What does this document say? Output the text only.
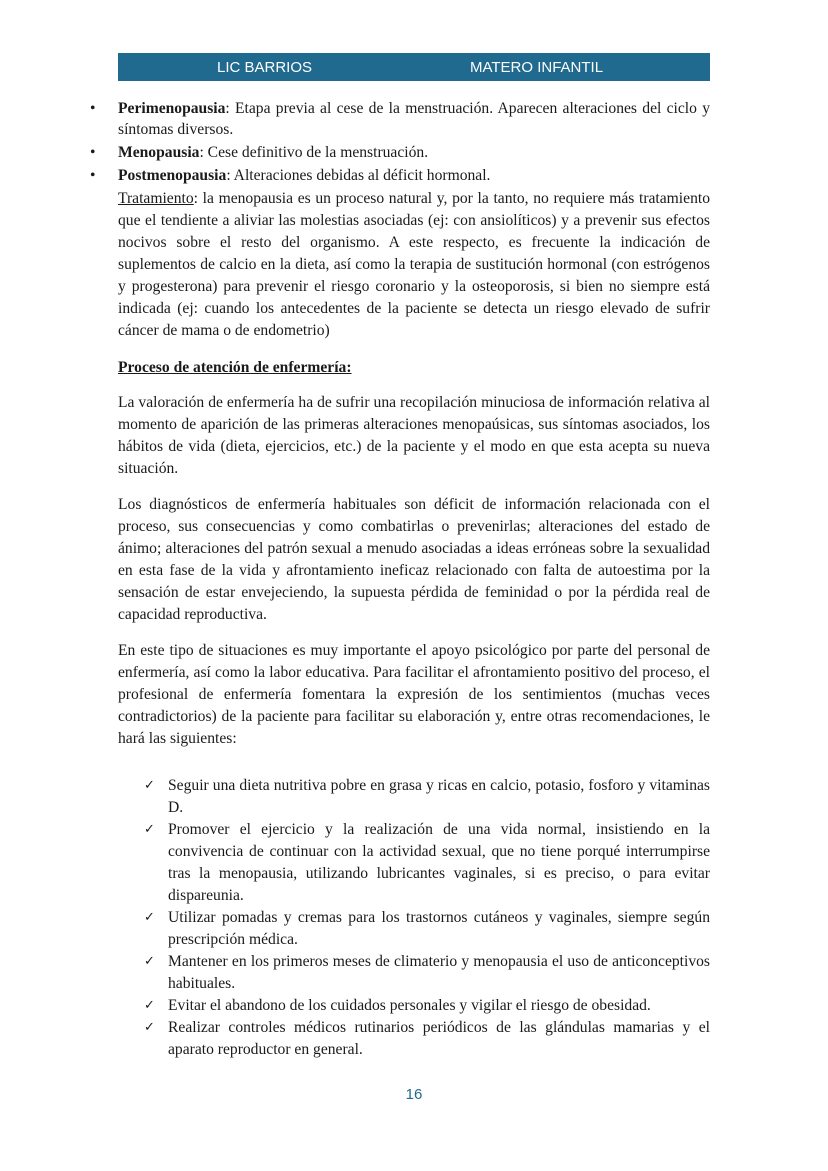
LIC BARRIOS	MATERO INFANTIL
• Perimenopausia: Etapa previa al cese de la menstruación. Aparecen alteraciones del ciclo y síntomas diversos.
• Menopausia: Cese definitivo de la menstruación.
• Postmenopausia: Alteraciones debidas al déficit hormonal.

Tratamiento: la menopausia es un proceso natural y, por la tanto, no requiere más tratamiento que el tendiente a aliviar las molestias asociadas (ej: con ansiolíticos) y a prevenir sus efectos nocivos sobre el resto del organismo. A este respecto, es frecuente la indicación de suplementos de calcio en la dieta, así como la terapia de sustitución hormonal (con estrógenos y progesterona) para prevenir el riesgo coronario y la osteoporosis, si bien no siempre está indicada (ej: cuando los antecedentes de la paciente se detecta un riesgo elevado de sufrir cáncer de mama o de endometrio)

Proceso de atención de enfermería:

La valoración de enfermería ha de sufrir una recopilación minuciosa de información relativa al momento de aparición de las primeras alteraciones menopaúsicas, sus síntomas asociados, los hábitos de vida (dieta, ejercicios, etc.) de la paciente y el modo en que esta acepta su nueva situación.

Los diagnósticos de enfermería habituales son déficit de información relacionada con el proceso, sus consecuencias y como combatirlas o prevenirlas; alteraciones del estado de ánimo; alteraciones del patrón sexual a menudo asociadas a ideas erróneas sobre la sexualidad en esta fase de la vida y afrontamiento ineficaz relacionado con falta de autoestima por la sensación de estar envejeciendo, la supuesta pérdida de feminidad o por la pérdida real de capacidad reproductiva.

En este tipo de situaciones es muy importante el apoyo psicológico por parte del personal de enfermería, así como la labor educativa. Para facilitar el afrontamiento positivo del proceso, el profesional de enfermería fomentara la expresión de los sentimientos (muchas veces contradictorios) de la paciente para facilitar su elaboración y, entre otras recomendaciones, le hará las siguientes:

✓ Seguir una dieta nutritiva pobre en grasa y ricas en calcio, potasio, fosforo y vitaminas D.
✓ Promover el ejercicio y la realización de una vida normal, insistiendo en la convivencia de continuar con la actividad sexual, que no tiene porqué interrumpirse tras la menopausia, utilizando lubricantes vaginales, si es preciso, o para evitar dispareunia.
✓ Utilizar pomadas y cremas para los trastornos cutáneos y vaginales, siempre según prescripción médica.
✓ Mantener en los primeros meses de climaterio y menopausia el uso de anticonceptivos habituales.
✓ Evitar el abandono de los cuidados personales y vigilar el riesgo de obesidad.
✓ Realizar controles médicos rutinarios periódicos de las glándulas mamarias y el aparato reproductor en general.
16
